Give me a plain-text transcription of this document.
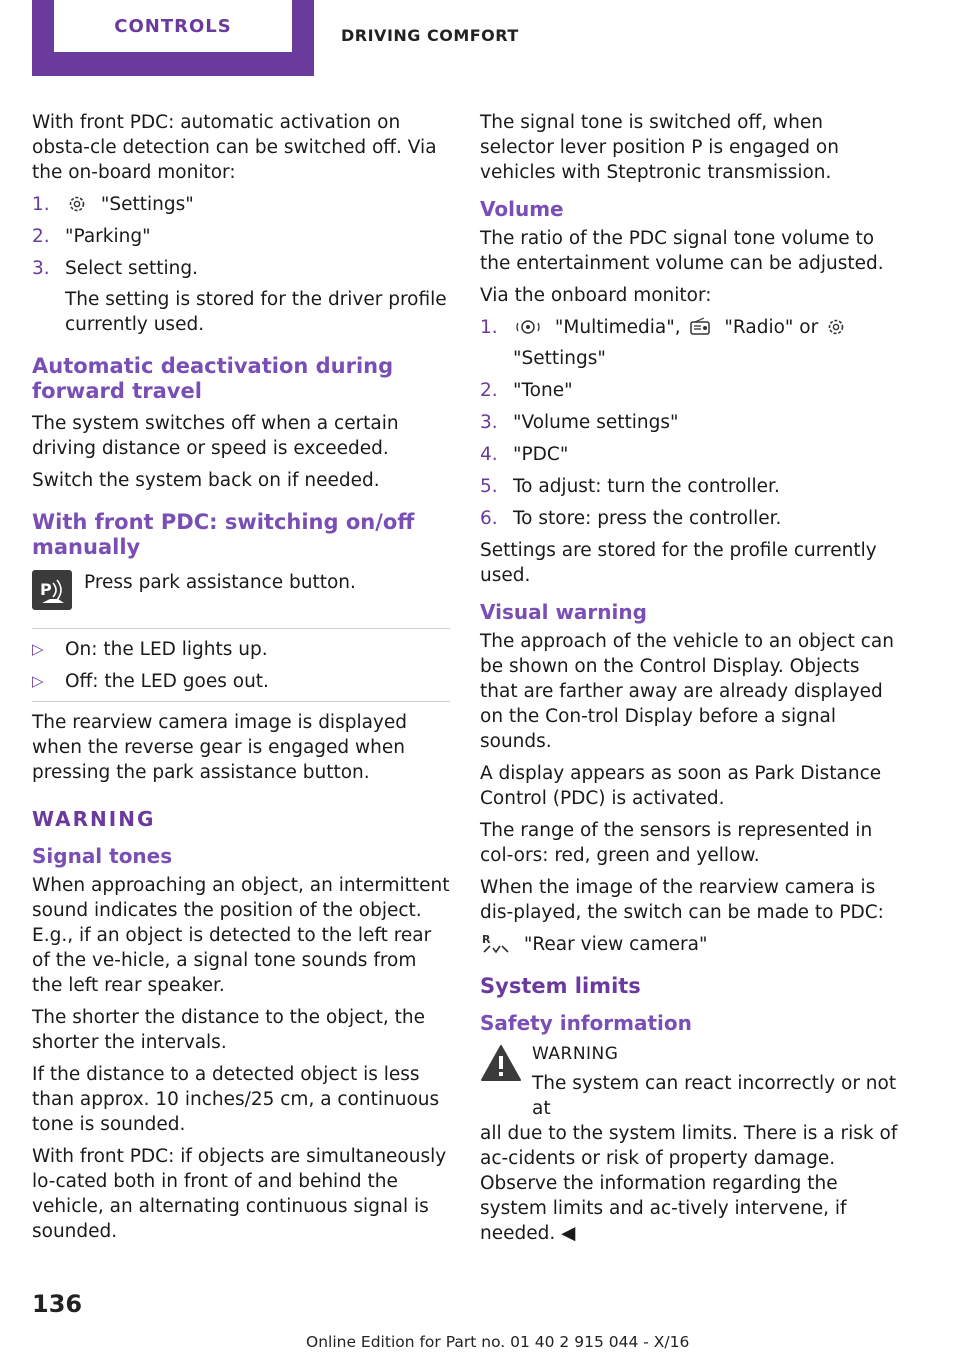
CONTROLS	DRIVING COMFORT

With front PDC: automatic activation on obsta-cle detection can be switched off. Via the on-board monitor:

1.	"Settings"
2. "Parking"
3. Select setting.
The setting is stored for the driver profile currently used.
Automatic deactivation during forward travel

The system switches off when a certain driving distance or speed is exceeded.

Switch the system back on if needed.

With front PDC: switching on/off manually
P Press park assistance button.
▷ On: the LED lights up.
▷ Off: the LED goes out.

The rearview camera image is displayed when the reverse gear is engaged when pressing the park assistance button.

WARNING
Signal tones

When approaching an object, an intermittent sound indicates the position of the object. E.g., if an object is detected to the left rear of the ve-hicle, a signal tone sounds from the left rear speaker.

The shorter the distance to the object, the shorter the intervals.

If the distance to a detected object is less than approx. 10 inches/25 cm, a continuous tone is sounded.

With front PDC: if objects are simultaneously lo-cated both in front of and behind the vehicle, an alternating continuous signal is sounded.

The signal tone is switched off, when selector lever position P is engaged on vehicles with Steptronic transmission.

Volume

The ratio of the PDC signal tone volume to the entertainment volume can be adjusted.

Via the onboard monitor:

1.	"Multimedia", "Radio" or
"Settings"
2. "Tone"
3. "Volume settings"
4. "PDC"
5. To adjust: turn the controller.
6. To store: press the controller.

Settings are stored for the profile currently used.

Visual warning

The approach of the vehicle to an object can be shown on the Control Display. Objects that are farther away are already displayed on the Con-trol Display before a signal sounds.

A display appears as soon as Park Distance Control (PDC) is activated.

The range of the sensors is represented in col-ors: red, green and yellow.

When the image of the rearview camera is dis-played, the switch can be made to PDC:

R "Rear view camera"

System limits
Safety information
WARNING
The system can react incorrectly or not at

all due to the system limits. There is a risk of ac-cidents or risk of property damage. Observe the information regarding the system limits and ac-tively intervene, if needed. ◀

136
Online Edition for Part no. 01 40 2 915 044 - X/16
